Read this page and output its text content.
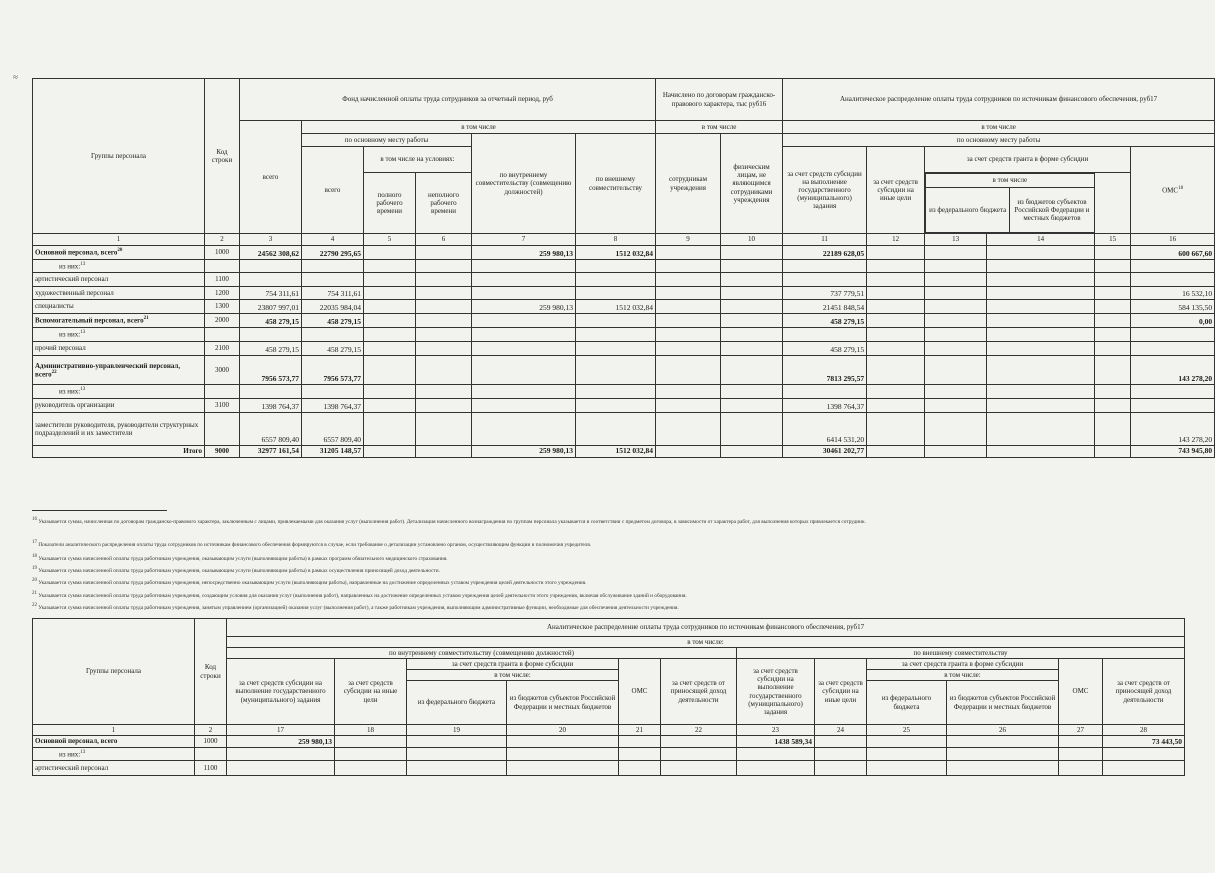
≈
Группы персонала	Код строки	Фонд начисленной оплаты труда сотрудников за отчетный период, руб	Начислено по договорам гражданско-правового характера, тыс руб16	Аналитическое распределение оплаты труда сотрудников по источникам финансового обеспечения, руб17
всего	в том числе	в том числе	в том числе
по основному месту работы	по внутреннему совместительству (совмещению должностей)	по внешнему совместительству	сотрудникам учреждения	физическим лицам, не являющимся сотрудниками учреждения	по основному месту работы
всего	в том числе на условиях:	за счет средств субсидии на выполнение государственного (муниципального) задания	за счет средств субсидии на иные цели	за счет средств гранта в форме субсидии	ОМС$^{18}$	
полного рабочего времени	неполного рабочего времени	
в том числе
из федерального бюджета	из бюджетов субъектов Российской Федерации и местных бюджетов

1	2	3	4	5	6	7	8	9	10	11	12	13	14	15	16
Основной персонал, всего$^{20}$	1000	24562 308,62	22790 295,65			259 980,13	1512 032,84			22189 628,05					600 667,60
из них:$^{13}$															
артистический персонал	1100														
художественный персонал	1200	754 311,61	754 311,61							737 779,51					16 532,10
специалисты	1300	23807 997,01	22035 984,04			259 980,13	1512 032,84			21451 848,54					584 135,50
Вспомогательный персонал, всего$^{21}$	2000	458 279,15	458 279,15							458 279,15					0,00
из них:$^{13}$															
прочий персонал	2100	458 279,15	458 279,15							458 279,15					
Административно-управленческий персонал, всего$^{22}$	3000	7956 573,77	7956 573,77							7813 295,57					143 278,20
из них:$^{13}$															
руководитель организации	3100	1398 764,37	1398 764,37							1398 764,37					
заместители руководителя, руководители структурных подразделений и их заместители		6557 809,40	6557 809,40							6414 531,20					143 278,20
Итого	9000	32977 161,54	31205 148,57			259 980,13	1512 032,84			30461 202,77					743 945,80
16 Указывается сумма, начисленная по договорам гражданско-правового характера, заключенным с лицами, привлекаемыми для оказания услуг (выполнения работ). Детализация начисленного вознаграждения по группам персонала указывается в соответствии с предметом договора, в зависимости от характера работ, для выполнения которых привлекается сотрудник.
17 Показатели аналитического распределения оплаты труда сотрудников по источникам финансового обеспечения формируются в случае, если требование о детализации установлено органом, осуществляющим функции и полномочия учредителя.
18 Указывается сумма начисленной оплаты труда работникам учреждения, оказывающим услуги (выполняющим работы) в рамках программ обязательного медицинского страхования.
19 Указывается сумма начисленной оплаты труда работникам учреждения, оказывающим услуги (выполняющим работы) в рамках осуществления приносящей доход деятельности.
20 Указывается сумма начисленной оплаты труда работникам учреждения, непосредственно оказывающим услуги (выполняющим работы), направленные на достижение определенных уставом учреждения целей деятельности этого учреждения.
21 Указывается сумма начисленной оплаты труда работникам учреждения, создающим условия для оказания услуг (выполнения работ), направленных на достижение определенных уставом учреждения целей деятельности этого учреждения, включая обслуживание зданий и оборудования.
22 Указывается сумма начисленной оплаты труда работникам учреждения, занятым управлением (организацией) оказания услуг (выполнения работ), а также работникам учреждения, выполняющим административные функции, необходимые для обеспечения деятельности учреждения.
Группы персонала	Код строки	Аналитическое распределение оплаты труда сотрудников по источникам финансового обеспечения, руб17											
		в том числе:											
		по внутреннему совместительству (совмещению должностей)						по внешнему совместительству					
		за счет средств субсидии на выполнение государственного (муниципального) задания	за счет средств субсидии на иные цели	за счет средств гранта в форме субсидии		ОМС	за счет средств от приносящей доход деятельности	за счет средств субсидии на выполнение государственного (муниципального) задания	за счет средств субсидии на иные цели	за счет средств гранта в форме субсидии		ОМС	за счет средств от приносящей доход деятельности
				в том числе:						в том числе:			
				из федерального бюджета	из бюджетов субъектов Российской Федерации и местных бюджетов					из федерального бюджета	из бюджетов субъектов Российской Федерации и местных бюджетов		
1	2	17	18	19	20	21	22	23	24	25	26	27	28
Основной персонал, всего	1000	259 980,13						1438 589,34					73 443,50
из них:$^{13}$													
артистический персонал	1100												
